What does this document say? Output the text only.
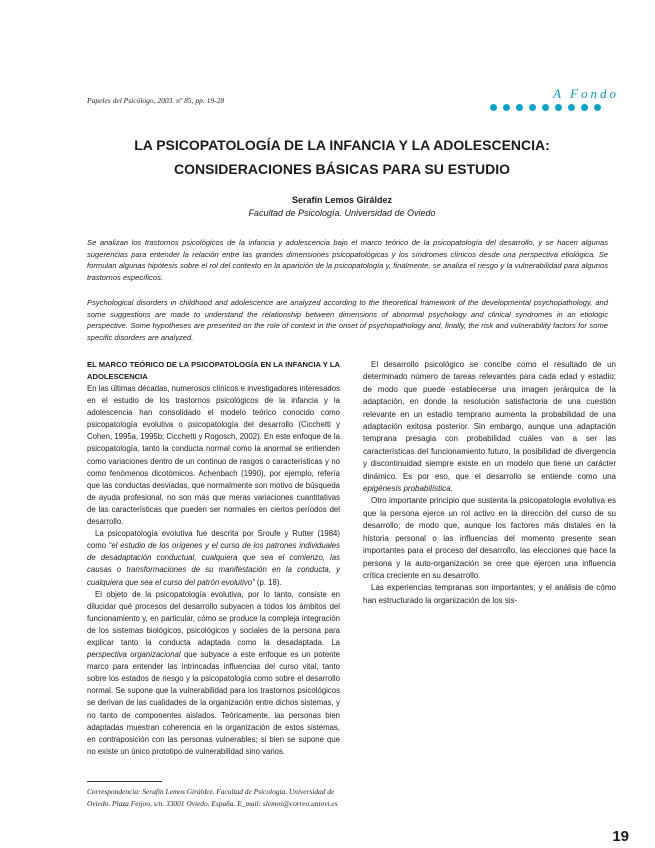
Papeles del Psicólogo, 2003. nº 85, pp. 19-28	A Fondo
LA PSICOPATOLOGÍA DE LA INFANCIA Y LA ADOLESCENCIA:
CONSIDERACIONES BÁSICAS PARA SU ESTUDIO
Serafín Lemos Giráldez
Facultad de Psicología. Universidad de Oviedo
Se analizan los trastornos psicológicos de la infancia y adolescencia bajo el marco teórico de la psicopatología del desarrollo, y se hacen algunas sugerencias para entender la relación entre las grandes dimensiones psicopatológicas y los síndromes clínicos desde una perspectiva etiológica. Se formulan algunas hipótesis sobre el rol del contexto en la aparición de la psicopatología y, finalmente, se analiza el riesgo y la vulnerabilidad para algunos trastornos específicos.
Psychological disorders in childhood and adolescence are analyzed according to the theoretical framework of the developmental psychopathology, and some suggestions are made to understand the relationship between dimensions of abnormal psychology and clinical syndromes in an etiologic perspective. Some hypotheses are presented on the role of context in the onset of psychopathology and, finally, the risk and vulnerability factors for some specific disorders are analyzed.

EL MARCO TEÓRICO DE LA PSICOPATOLOGÍA EN LA INFANCIA Y LA ADOLESCENCIA

En las últimas décadas, numerosos clínicos e investigadores interesados en el estudio de los trastornos psicológicos de la infancia y la adolescencia han consolidado el modelo teórico conocido como psicopatología evolutiva o psicopatología del desarrollo (Cicchetti y Cohen, 1995a, 1995b; Cicchetti y Rogosch, 2002). En este enfoque de la psicopatología, tanto la conducta normal como la anormal se entienden como variaciones dentro de un continuo de rasgos o características y no como fenómenos dicotómicos. Achenbach (1990), por ejemplo, refería que las conductas desviadas, que normalmente son motivo de búsqueda de ayuda profesional, no son más que meras variaciones cuantitativas de las características que pueden ser normales en ciertos períodos del desarrollo.

La psicopatología evolutiva fue descrita por Sroufe y Rutter (1984) como “el estudio de los orígenes y el curso de los patrones individuales de desadaptación conductual, cualquiera que sea el comienzo, las causas o transformaciones de su manifestación en la conducta, y cualquiera que sea el curso del patrón evolutivo” (p. 18).

El objeto de la psicopatología evolutiva, por lo tanto, consiste en dilucidar qué procesos del desarrollo subyacen a todos los ámbitos del funcionamiento y, en particular, cómo se produce la compleja integración de los sistemas biológicos, psicológicos y sociales de la persona para explicar tanto la conducta adaptada como la desadaptada. La perspectiva organizacional que subyace a este enfoque es un potente marco para entender las intrincadas influencias del curso vital, tanto sobre los estados de riesgo y la psicopatología como sobre el desarrollo normal. Se supone que la vulnerabilidad para los trastornos psicológicos se derivan de las cualidades de la organización entre dichos sistemas, y no tanto de componentes aislados. Teóricamente, las personas bien adaptadas muestran coherencia en la organización de estos sistemas, en contraposición con las personas vulnerables; si bien se supone que no existe un único prototipo de vulnerabilidad sino varios.

El desarrollo psicológico se concibe como el resultado de un determinado número de tareas relevantes para cada edad y estadio; de modo que puede establecerse una imagen jerárquica de la adaptación, en donde la resolución satisfactoria de una cuestión relevante en un estadio temprano aumenta la probabilidad de una adaptación exitosa posterior. Sin embargo, aunque una adaptación temprana presagia con probabilidad cuáles van a ser las características del funcionamiento futuro, la posibilidad de divergencia y discontinuidad siempre existe en un modelo que tiene un carácter dinámico. Es por eso, que el desarrollo se entiende como una epigénesis probabilística.

Otro importante principio que sustenta la psicopatología evolutiva es que la persona ejerce un rol activo en la dirección del curso de su desarrollo; de modo que, aunque los factores más distales en la historia personal o las influencias del momento presente sean importantes para el proceso del desarrollo, las elecciones que hace la persona y la auto-organización se cree que ejercen una influencia crítica creciente en su desarrollo.

Las experiencias tempranas son importantes, y el análisis de cómo han estructurado la organización de los sis-

Correspondencia: Serafín Lemos Giráldez. Facultad de Psicología. Universidad de Oviedo. Plaza Feijoo, s/n. 33001 Oviedo. España. E_mail: slemos@correo.uniovi.es
19
